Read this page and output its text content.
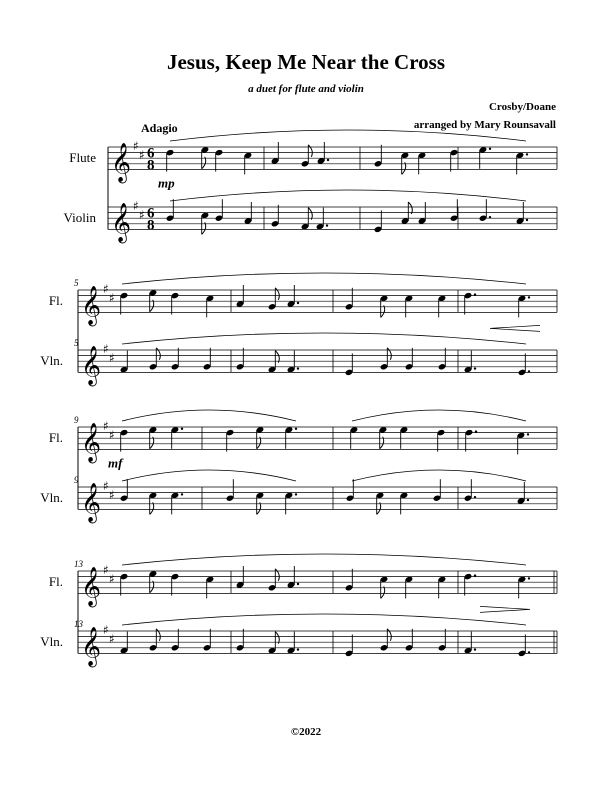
Jesus, Keep Me Near the Cross
a duet for flute and violin
Crosby/Doane
arranged by Mary Rounsavall
Adagio
𝄞 ♯
♯ 6
8
𝄞 ♯
♯ 6
8
Flute
Violin
mp
𝄞 ♯
♯
𝄞 ♯
♯
Fl.
Vln.
5
5
𝄞 ♯
♯
𝄞 ♯
♯
Fl.
Vln.
9
9
mf
𝄞 ♯
♯
𝄞 ♯
♯
Fl.
Vln.
13
13
©2022
